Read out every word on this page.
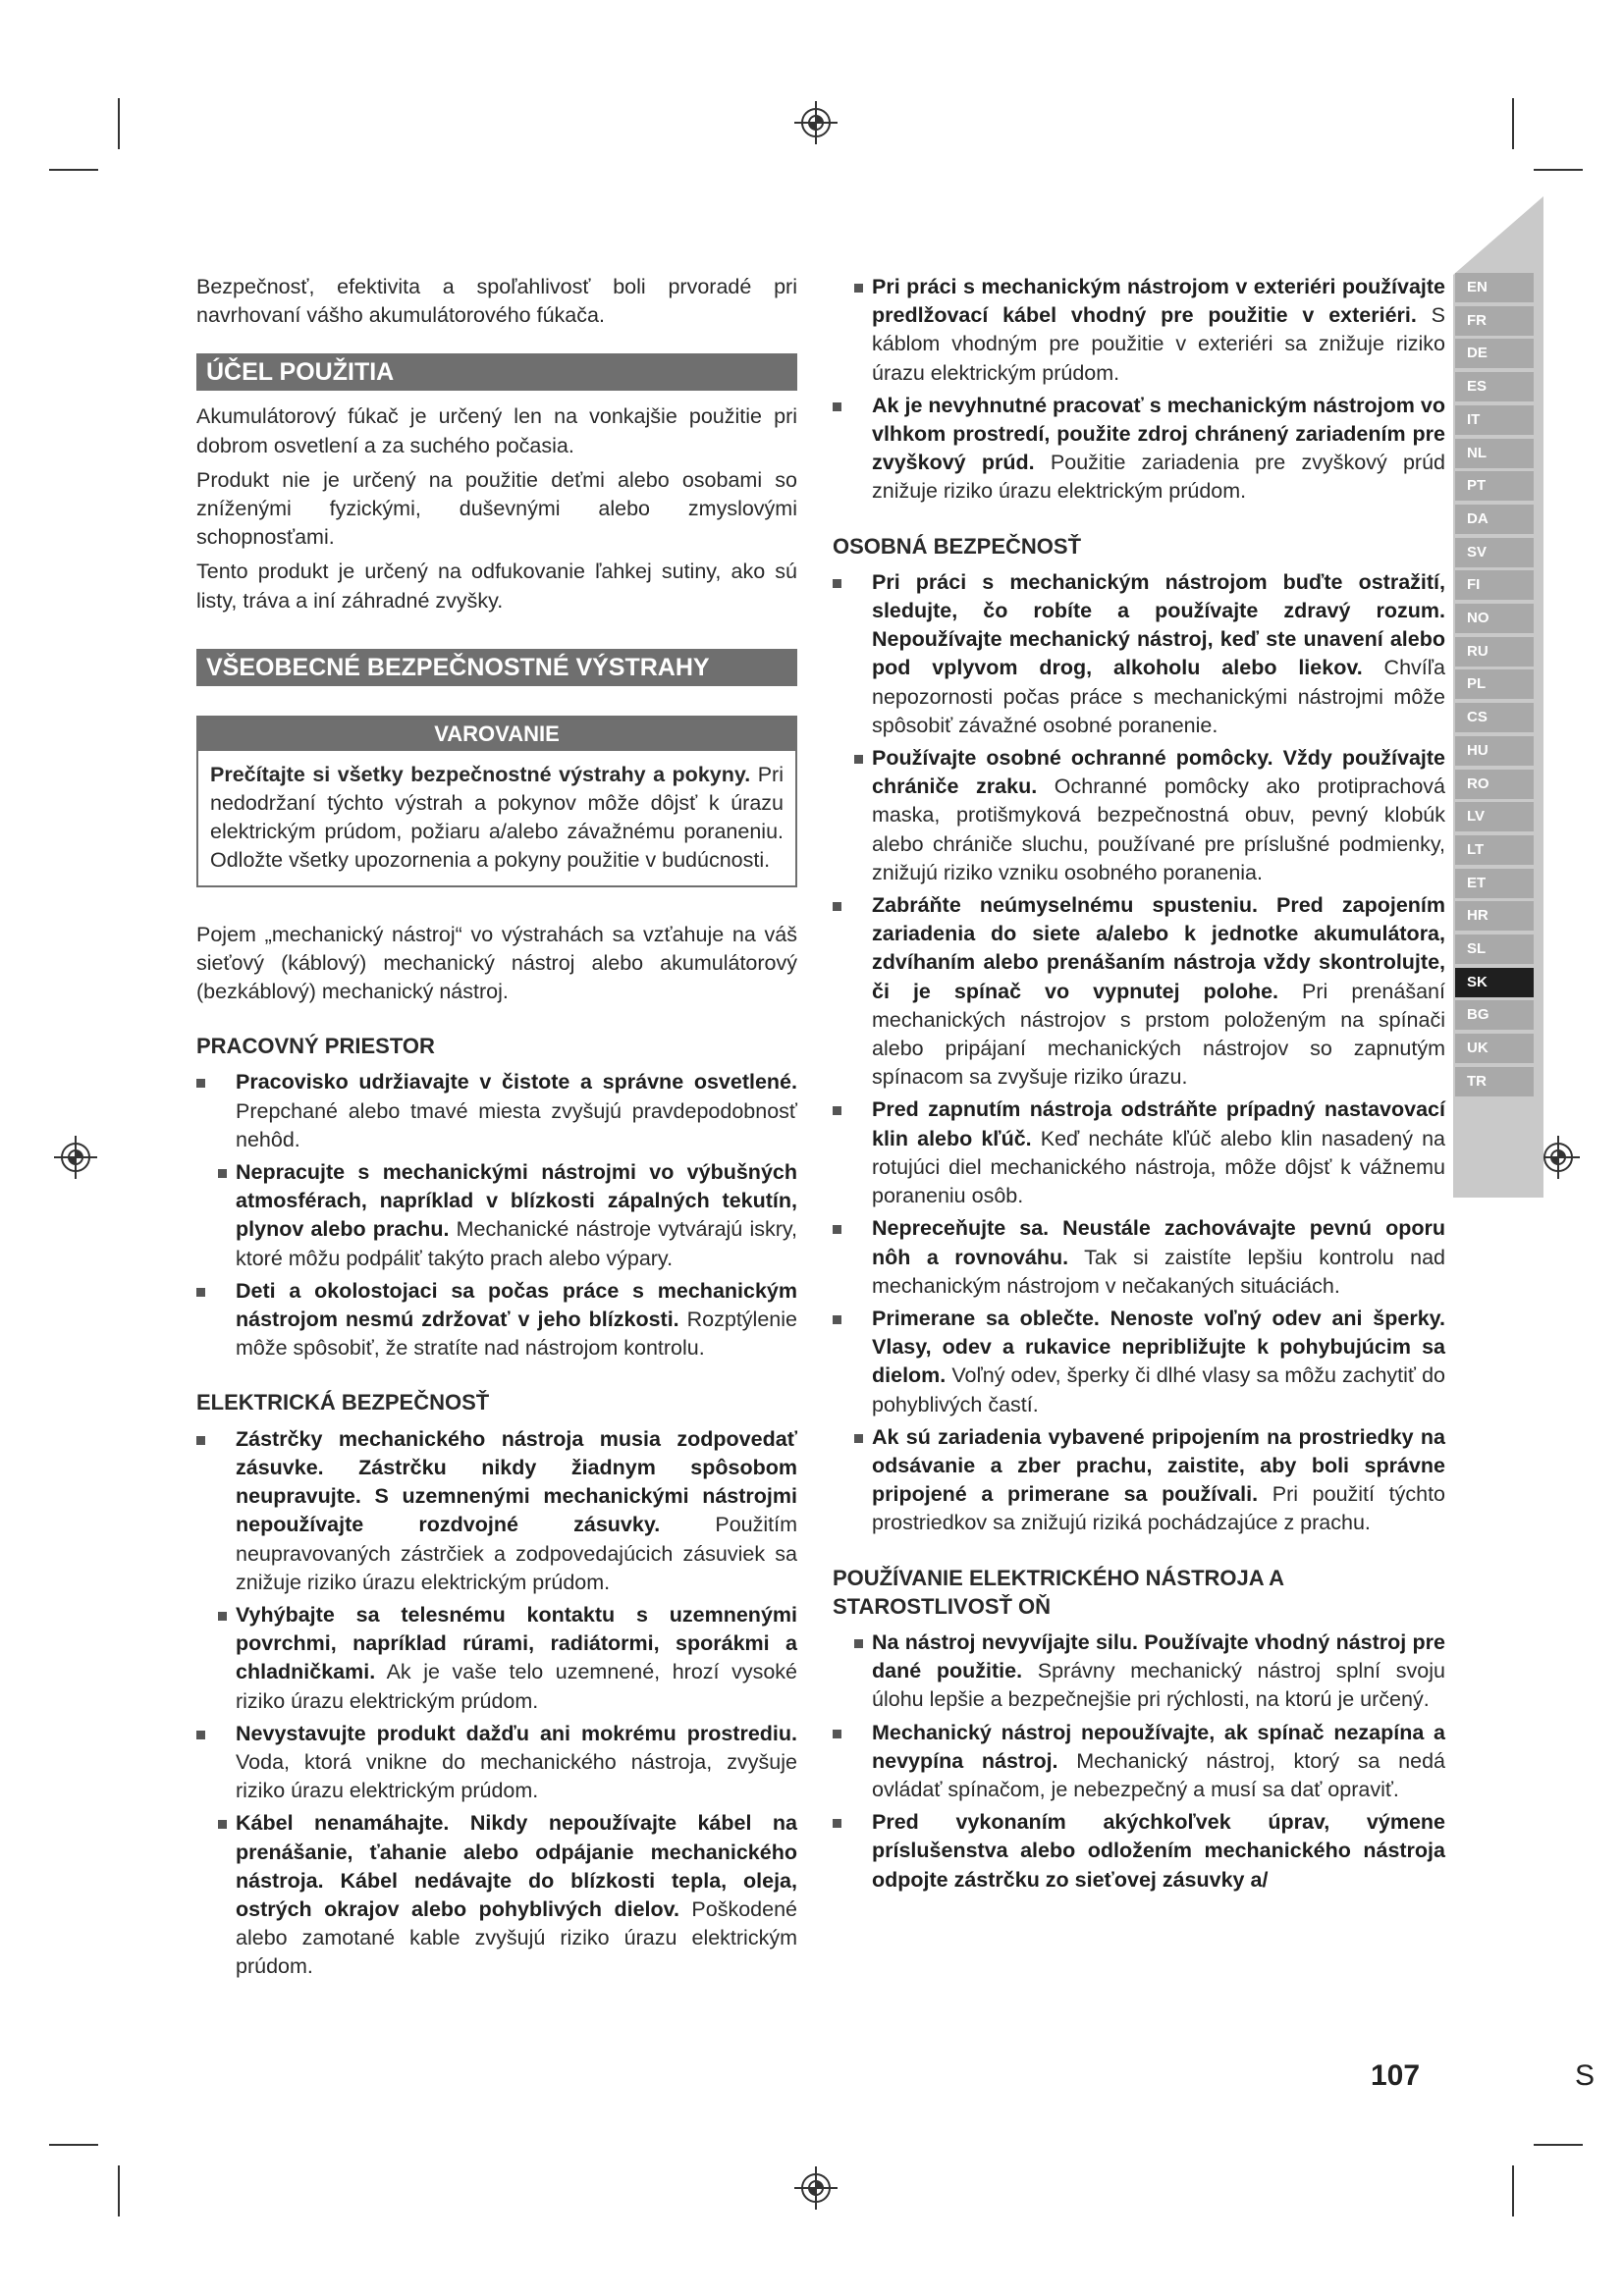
Bezpečnosť, efektivita a spoľahlivosť boli prvoradé pri navrhovaní vášho akumulátorového fúkača.

ÚČEL POUŽITIA

Akumulátorový fúkač je určený len na vonkajšie použitie pri dobrom osvetlení a za suchého počasia.

Produkt nie je určený na použitie deťmi alebo osobami so zníženými fyzickými, duševnými alebo zmyslovými schopnosťami.

Tento produkt je určený na odfukovanie ľahkej sutiny, ako sú listy, tráva a iní záhradné zvyšky.

VŠEOBECNÉ BEZPEČNOSTNÉ VÝSTRAHY
VAROVANIE
Prečítajte si všetky bezpečnostné výstrahy a pokyny. Pri nedodržaní týchto výstrah a pokynov môže dôjsť k úrazu elektrickým prúdom, požiaru a/alebo závažnému poraneniu. Odložte všetky upozornenia a pokyny použitie v budúcnosti.

Pojem „mechanický nástroj“ vo výstrahách sa vzťahuje na váš sieťový (káblový) mechanický nástroj alebo akumulátorový (bezkáblový) mechanický nástroj.

PRACOVNÝ PRIESTOR
Pracovisko udržiavajte v čistote a správne osvetlené. Prepchané alebo tmavé miesta zvyšujú pravdepodobnosť nehôd.
Nepracujte s mechanickými nástrojmi vo výbušných atmosférach, napríklad v blízkosti zápalných tekutín, plynov alebo prachu. Mechanické nástroje vytvárajú iskry, ktoré môžu podpáliť takýto prach alebo výpary.
Deti a okolostojaci sa počas práce s mechanickým nástrojom nesmú zdržovať v jeho blízkosti. Rozptýlenie môže spôsobiť, že stratíte nad nástrojom kontrolu.
ELEKTRICKÁ BEZPEČNOSŤ
Zástrčky mechanického nástroja musia zodpovedať zásuvke. Zástrčku nikdy žiadnym spôsobom neupravujte. S uzemnenými mechanickými nástrojmi nepoužívajte rozdvojné zásuvky. Použitím neupravovaných zástrčiek a zodpovedajúcich zásuviek sa znižuje riziko úrazu elektrickým prúdom.
Vyhýbajte sa telesnému kontaktu s uzemnenými povrchmi, napríklad rúrami, radiátormi, sporákmi a chladničkami. Ak je vaše telo uzemnené, hrozí vysoké riziko úrazu elektrickým prúdom.
Nevystavujte produkt dažďu ani mokrému prostrediu. Voda, ktorá vnikne do mechanického nástroja, zvyšuje riziko úrazu elektrickým prúdom.
Kábel nenamáhajte. Nikdy nepoužívajte kábel na prenášanie, ťahanie alebo odpájanie mechanického nástroja. Kábel nedávajte do blízkosti tepla, oleja, ostrých okrajov alebo pohyblivých dielov. Poškodené alebo zamotané kable zvyšujú riziko úrazu elektrickým prúdom.
Pri práci s mechanickým nástrojom v exteriéri používajte predlžovací kábel vhodný pre použitie v exteriéri. S káblom vhodným pre použitie v exteriéri sa znižuje riziko úrazu elektrickým prúdom.
Ak je nevyhnutné pracovať s mechanickým nástrojom vo vlhkom prostredí, použite zdroj chránený zariadením pre zvyškový prúd. Použitie zariadenia pre zvyškový prúd znižuje riziko úrazu elektrickým prúdom.
OSOBNÁ BEZPEČNOSŤ
Pri práci s mechanickým nástrojom buďte ostražití, sledujte, čo robíte a používajte zdravý rozum. Nepoužívajte mechanický nástroj, keď ste unavení alebo pod vplyvom drog, alkoholu alebo liekov. Chvíľa nepozornosti počas práce s mechanickými nástrojmi môže spôsobiť závažné osobné poranenie.
Používajte osobné ochranné pomôcky. Vždy používajte chrániče zraku. Ochranné pomôcky ako protiprachová maska, protišmyková bezpečnostná obuv, pevný klobúk alebo chrániče sluchu, používané pre príslušné podmienky, znižujú riziko vzniku osobného poranenia.
Zabráňte neúmyselnému spusteniu. Pred zapojením zariadenia do siete a/alebo k jednotke akumulátora, zdvíhaním alebo prenášaním nástroja vždy skontrolujte, či je spínač vo vypnutej polohe. Pri prenášaní mechanických nástrojov s prstom položeným na spínači alebo pripájaní mechanických nástrojov so zapnutým spínacom sa zvyšuje riziko úrazu.
Pred zapnutím nástroja odstráňte prípadný nastavovací klin alebo kľúč. Keď necháte kľúč alebo klin nasadený na rotujúci diel mechanického nástroja, môže dôjsť k vážnemu poraneniu osôb.
Nepreceňujte sa. Neustále zachovávajte pevnú oporu nôh a rovnováhu. Tak si zaistíte lepšiu kontrolu nad mechanickým nástrojom v nečakaných situáciách.
Primerane sa oblečte. Nenoste voľný odev ani šperky. Vlasy, odev a rukavice nepribližujte k pohybujúcim sa dielom. Voľný odev, šperky či dlhé vlasy sa môžu zachytiť do pohyblivých častí.
Ak sú zariadenia vybavené pripojením na prostriedky na odsávanie a zber prachu, zaistite, aby boli správne pripojené a primerane sa používali. Pri použití týchto prostriedkov sa znižujú riziká pochádzajúce z prachu.
POUŽÍVANIE ELEKTRICKÉHO NÁSTROJA A STAROSTLIVOSŤ OŇ
Na nástroj nevyvíjajte silu. Používajte vhodný nástroj pre dané použitie. Správny mechanický nástroj splní svoju úlohu lepšie a bezpečnejšie pri rýchlosti, na ktorú je určený.
Mechanický nástroj nepoužívajte, ak spínač nezapína a nevypína nástroj. Mechanický nástroj, ktorý sa nedá ovládať spínačom, je nebezpečný a musí sa dať opraviť.
Pred vykonaním akýchkoľvek úprav, výmene príslušenstva alebo odložením mechanického nástroja odpojte zástrčku zo sieťovej zásuvky a/
EN
FR
DE
ES
IT
NL
PT
DA
SV
FI
NO
RU
PL
CS
HU
RO
LV
LT
ET
HR
SL
SK
BG
UK
TR
107	S
